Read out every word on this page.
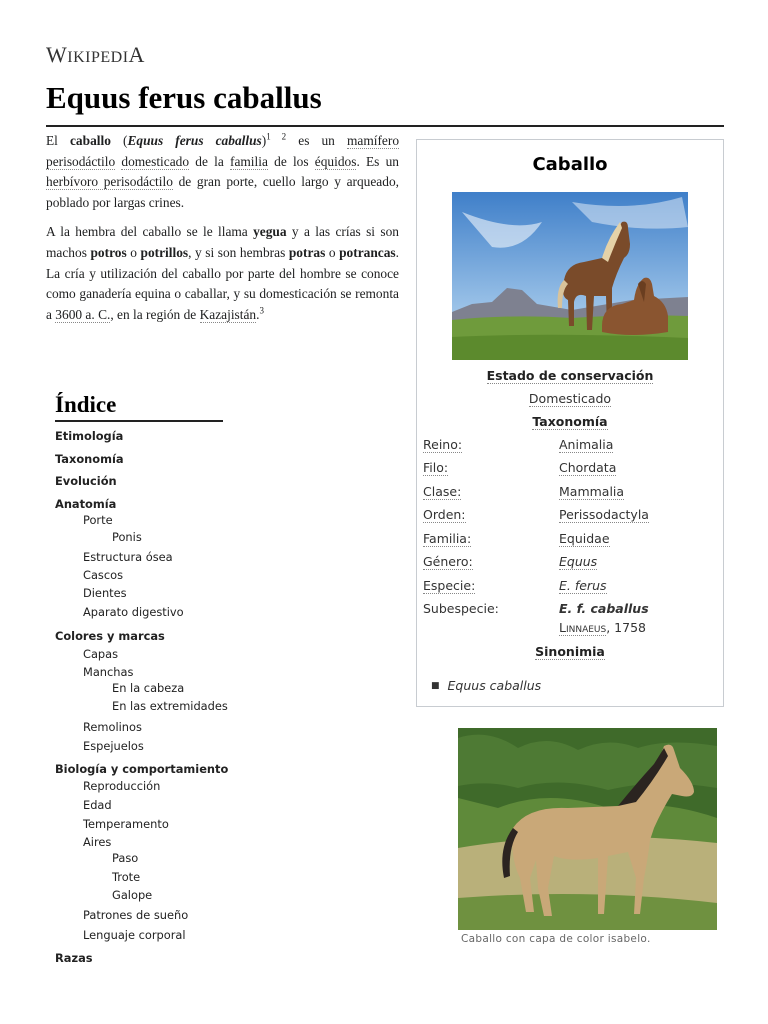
WIKIPEDIA
Equus ferus caballus

El caballo (Equus ferus caballus)$^{1 2}$ es un mamífero perisodáctilo domesticado de la familia de los équidos. Es un herbívoro perisodáctilo de gran porte, cuello largo y arqueado, poblado por largas crines.

A la hembra del caballo se le llama yegua y a las crías si son machos potros o potrillos, y si son hembras potras o potrancas. La cría y utilización del caballo por parte del hombre se conoce como ganadería equina o caballar, y su domesticación se remonta a 3600 a. C., en la región de Kazajistán.$^3$

Índice
Etimología
Taxonomía
Evolución
Anatomía
Porte
Ponis
Estructura ósea
Cascos
Dientes
Aparato digestivo
Colores y marcas
Capas
Manchas
En la cabeza
En las extremidades
Remolinos
Espejuelos
Biología y comportamiento
Reproducción
Edad
Temperamento
Aires
Paso
Trote
Galope
Patrones de sueño
Lenguaje corporal
Razas
Caballo
Estado de conservación
Domesticado
Taxonomía
Reino:	Animalia
Filo:	Chordata
Clase:	Mammalia
Orden:	Perissodactyla
Familia:	Equidae
Género:	Equus
Especie:	E. ferus
Subespecie:	E. f. caballus
Linnaeus, 1758
Sinonimia
■ Equus caballus
Caballo con capa de color isabelo.
